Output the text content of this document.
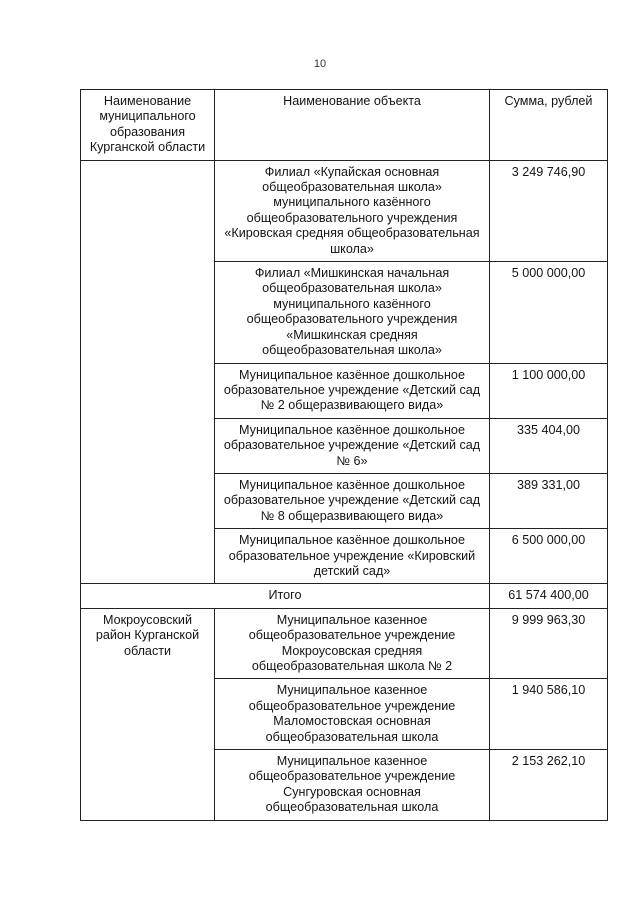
10
Наименование муниципального образования Курганской области	Наименование объекта	Сумма, рублей
	Филиал «Купайская основная общеобразовательная школа» муниципального казённого общеобразовательного учреждения «Кировская средняя общеобразовательная школа»	3 249 746,90
	Филиал «Мишкинская начальная общеобразовательная школа» муниципального казённого общеобразовательного учреждения «Мишкинская средняя общеобразовательная школа»	5 000 000,00
	Муниципальное казённое дошкольное образовательное учреждение «Детский сад № 2 общеразвивающего вида»	1 100 000,00
	Муниципальное казённое дошкольное образовательное учреждение «Детский сад № 6»	335 404,00
	Муниципальное казённое дошкольное образовательное учреждение «Детский сад № 8 общеразвивающего вида»	389 331,00
	Муниципальное казённое дошкольное образовательное учреждение «Кировский детский сад»	6 500 000,00
Итого		61 574 400,00
Мокроусовский район Курганской области	Муниципальное казенное общеобразовательное учреждение Мокроусовская средняя общеобразовательная школа № 2	9 999 963,30
	Муниципальное казенное общеобразовательное учреждение Маломостовская основная общеобразовательная школа	1 940 586,10
	Муниципальное казенное общеобразовательное учреждение Сунгуровская основная общеобразовательная школа	2 153 262,10
